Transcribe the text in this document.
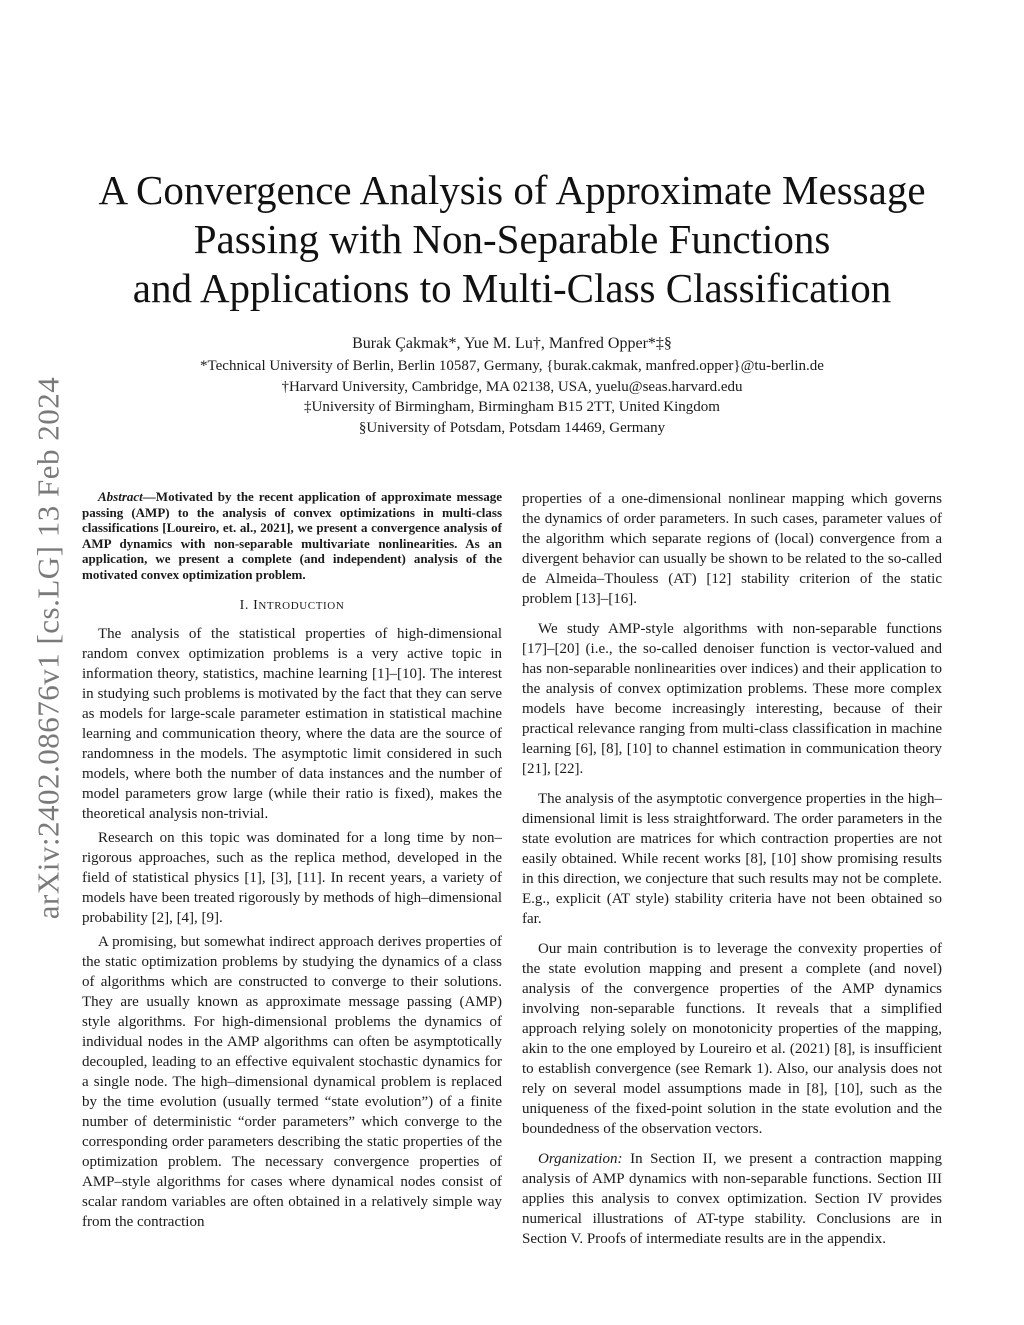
arXiv:2402.08676v1 [cs.LG] 13 Feb 2024
A Convergence Analysis of Approximate Message
Passing with Non-Separable Functions
and Applications to Multi-Class Classification
Burak Çakmak*, Yue M. Lu†, Manfred Opper*‡§
*Technical University of Berlin, Berlin 10587, Germany, {burak.cakmak, manfred.opper}@tu-berlin.de
†Harvard University, Cambridge, MA 02138, USA, yuelu@seas.harvard.edu
‡University of Birmingham, Birmingham B15 2TT, United Kingdom
§University of Potsdam, Potsdam 14469, Germany
Abstract—Motivated by the recent application of approximate message passing (AMP) to the analysis of convex optimizations in multi-class classifications [Loureiro, et. al., 2021], we present a convergence analysis of AMP dynamics with non-separable multivariate nonlinearities. As an application, we present a complete (and independent) analysis of the motivated convex optimization problem.
I. INTRODUCTION

The analysis of the statistical properties of high-dimensional random convex optimization problems is a very active topic in information theory, statistics, machine learning [1]–[10]. The interest in studying such problems is motivated by the fact that they can serve as models for large-scale parameter estimation in statistical machine learning and communication theory, where the data are the source of randomness in the models. The asymptotic limit considered in such models, where both the number of data instances and the number of model parameters grow large (while their ratio is fixed), makes the theoretical analysis non-trivial.

Research on this topic was dominated for a long time by non–rigorous approaches, such as the replica method, developed in the field of statistical physics [1], [3], [11]. In recent years, a variety of models have been treated rigorously by methods of high–dimensional probability [2], [4], [9].

A promising, but somewhat indirect approach derives properties of the static optimization problems by studying the dynamics of a class of algorithms which are constructed to converge to their solutions. They are usually known as approximate message passing (AMP) style algorithms. For high-dimensional problems the dynamics of individual nodes in the AMP algorithms can often be asymptotically decoupled, leading to an effective equivalent stochastic dynamics for a single node. The high–dimensional dynamical problem is replaced by the time evolution (usually termed “state evolution”) of a finite number of deterministic “order parameters” which converge to the corresponding order parameters describing the static properties of the optimization problem. The necessary convergence properties of AMP–style algorithms for cases where dynamical nodes consist of scalar random variables are often obtained in a relatively simple way from the contraction

properties of a one-dimensional nonlinear mapping which governs the dynamics of order parameters. In such cases, parameter values of the algorithm which separate regions of (local) convergence from a divergent behavior can usually be shown to be related to the so-called de Almeida–Thouless (AT) [12] stability criterion of the static problem [13]–[16].

We study AMP-style algorithms with non-separable functions [17]–[20] (i.e., the so-called denoiser function is vector-valued and has non-separable nonlinearities over indices) and their application to the analysis of convex optimization problems. These more complex models have become increasingly interesting, because of their practical relevance ranging from multi-class classification in machine learning [6], [8], [10] to channel estimation in communication theory [21], [22].

The analysis of the asymptotic convergence properties in the high–dimensional limit is less straightforward. The order parameters in the state evolution are matrices for which contraction properties are not easily obtained. While recent works [8], [10] show promising results in this direction, we conjecture that such results may not be complete. E.g., explicit (AT style) stability criteria have not been obtained so far.

Our main contribution is to leverage the convexity properties of the state evolution mapping and present a complete (and novel) analysis of the convergence properties of the AMP dynamics involving non-separable functions. It reveals that a simplified approach relying solely on monotonicity properties of the mapping, akin to the one employed by Loureiro et al. (2021) [8], is insufficient to establish convergence (see Remark 1). Also, our analysis does not rely on several model assumptions made in [8], [10], such as the uniqueness of the fixed-point solution in the state evolution and the boundedness of the observation vectors.

Organization: In Section II, we present a contraction mapping analysis of AMP dynamics with non-separable functions. Section III applies this analysis to convex optimization. Section IV provides numerical illustrations of AT-type stability. Conclusions are in Section V. Proofs of intermediate results are in the appendix.
